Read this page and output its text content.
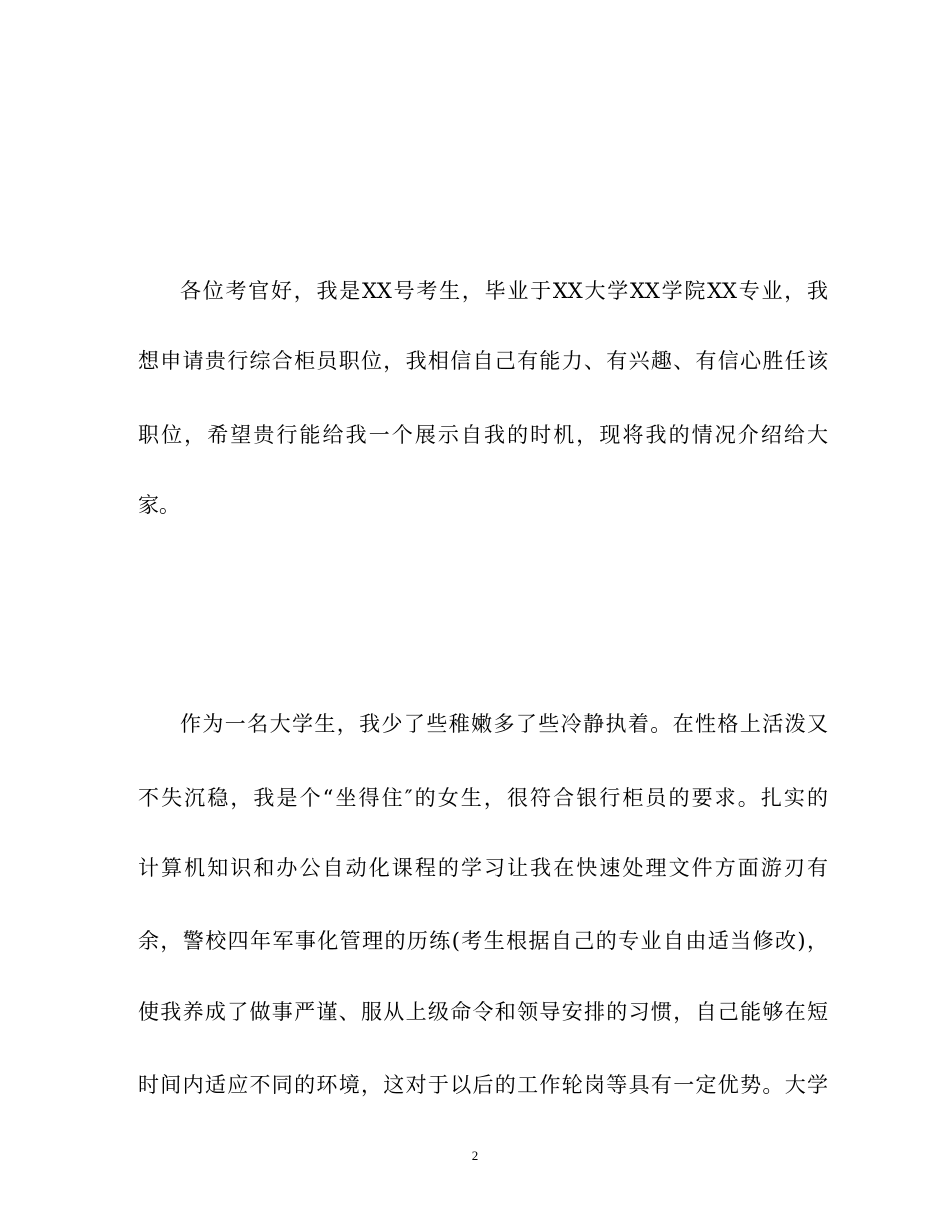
各位考官好，我是XX号考生，毕业于XX大学XX学院XX专业，我
想申请贵行综合柜员职位，我相信自己有能力、有兴趣、有信心胜任该
职位，希望贵行能给我一个展示自我的时机，现将我的情况介绍给大
家。
作为一名大学生，我少了些稚嫩多了些冷静执着。在性格上活泼又
不失沉稳，我是个“坐得住″的女生，很符合银行柜员的要求。扎实的
计算机知识和办公自动化课程的学习让我在快速处理文件方面游刃有
余，警校四年军事化管理的历练(考生根据自己的专业自由适当修改)，
使我养成了做事严谨、服从上级命令和领导安排的习惯，自己能够在短
时间内适应不同的环境，这对于以后的工作轮岗等具有一定优势。大学
2
